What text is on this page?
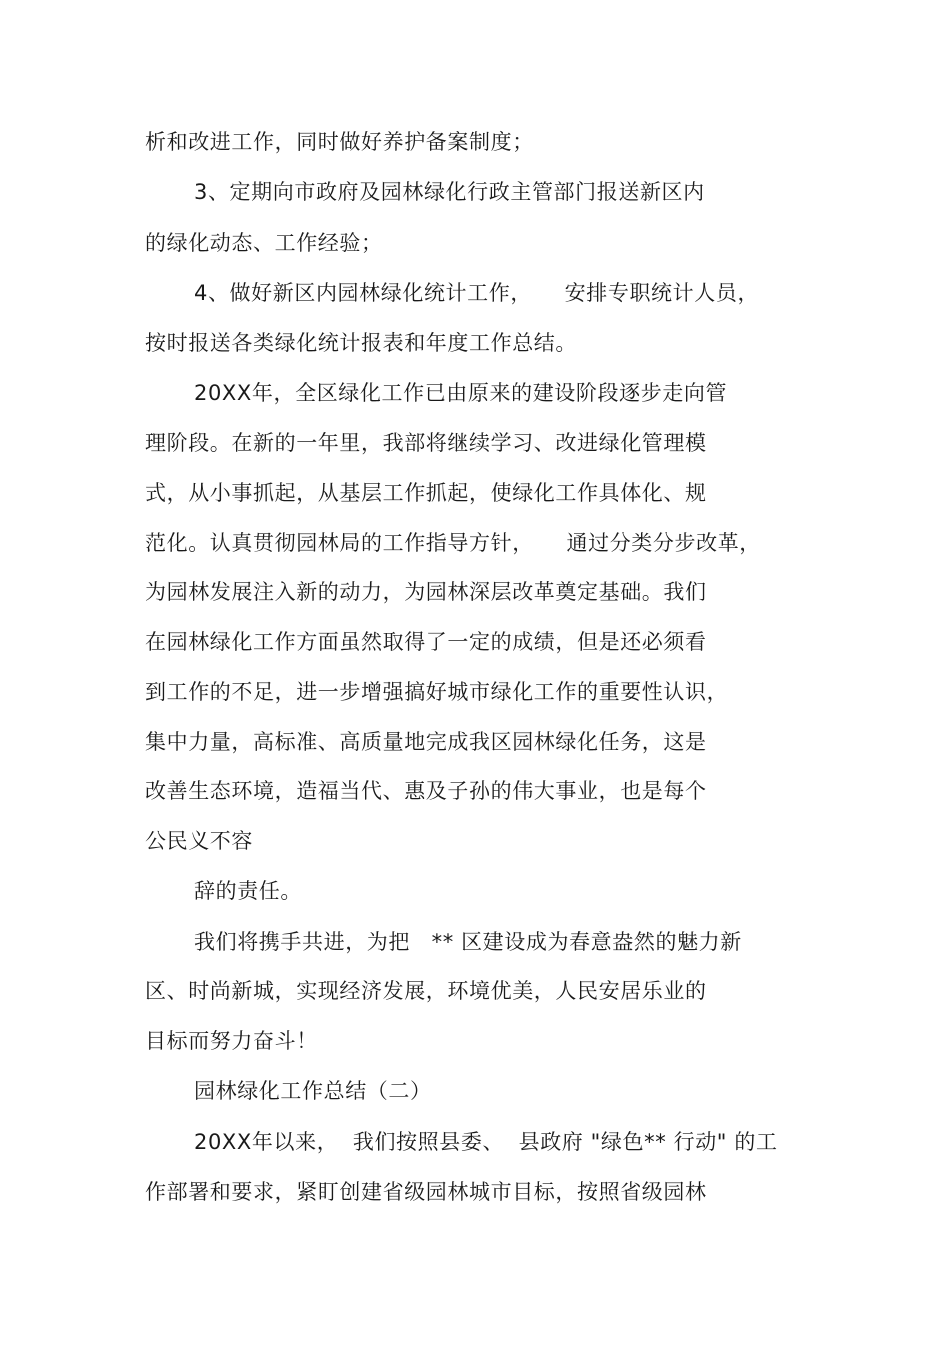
析和改进工作，同时做好养护备案制度；
3、定期向市政府及园林绿化行政主管部门报送新区内
的绿化动态、工作经验；
4、做好新区内园林绿化统计工作，　　安排专职统计人员，
按时报送各类绿化统计报表和年度工作总结。
20XX年，全区绿化工作已由原来的建设阶段逐步走向管
理阶段。在新的一年里，我部将继续学习、改进绿化管理模
式，从小事抓起，从基层工作抓起，使绿化工作具体化、规
范化。认真贯彻园林局的工作指导方针，　　通过分类分步改革，
为园林发展注入新的动力，为园林深层改革奠定基础。我们
在园林绿化工作方面虽然取得了一定的成绩，但是还必须看
到工作的不足，进一步增强搞好城市绿化工作的重要性认识，
集中力量，高标准、高质量地完成我区园林绿化任务，这是
改善生态环境，造福当代、惠及子孙的伟大事业，也是每个
公民义不容
辞的责任。
我们将携手共进，为把　** 区建设成为春意盎然的魅力新
区、时尚新城，实现经济发展，环境优美，人民安居乐业的
目标而努力奋斗！
园林绿化工作总结（二）
20XX年以来，  我们按照县委、  县政府 "绿色** 行动" 的工
作部署和要求，紧盯创建省级园林城市目标，按照省级园林
